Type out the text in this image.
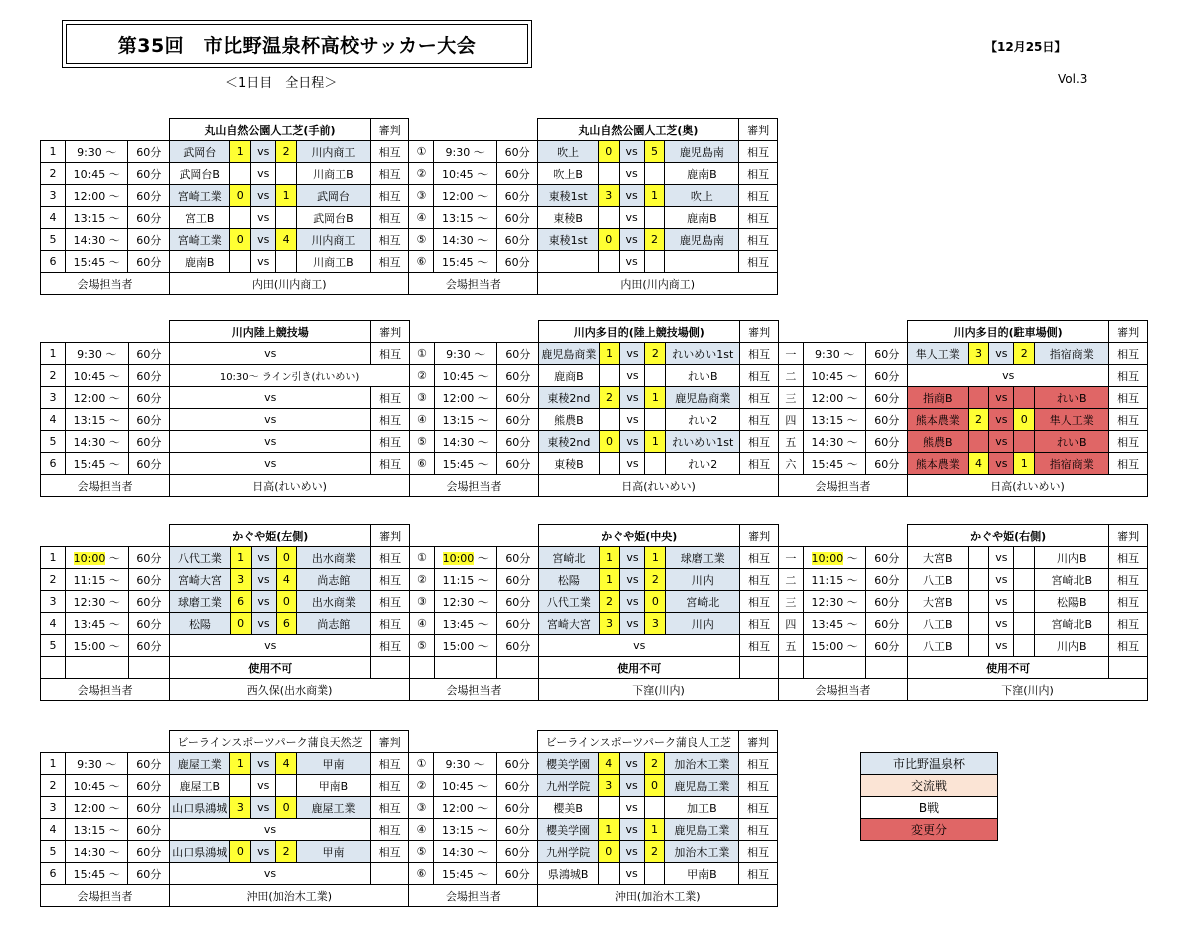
第35回　市比野温泉杯高校サッカー大会
＜1日目　全日程＞
【12月25日】
Vol.3
			丸山自然公園人工芝(手前)					審判				丸山自然公園人工芝(奥)					審判
1	9:30 ～	60分	武岡台	1	vs	2	川内商工	相互	①	9:30 ～	60分	吹上	0	vs	5	鹿児島南	相互
2	10:45 ～	60分	武岡台B		vs		川商工B	相互	②	10:45 ～	60分	吹上B		vs		鹿南B	相互
3	12:00 ～	60分	宮崎工業	0	vs	1	武岡台	相互	③	12:00 ～	60分	東稜1st	3	vs	1	吹上	相互
4	13:15 ～	60分	宮工B		vs		武岡台B	相互	④	13:15 ～	60分	東稜B		vs		鹿南B	相互
5	14:30 ～	60分	宮崎工業	0	vs	4	川内商工	相互	⑤	14:30 ～	60分	東稜1st	0	vs	2	鹿児島南	相互
6	15:45 ～	60分	鹿南B		vs		川商工B	相互	⑥	15:45 ～	60分			vs			相互
会場担当者			内田(川内商工)						会場担当者			内田(川内商工)					
			川内陸上競技場	審判				川内多目的(陸上競技場側)					審判				川内多目的(駐車場側)					審判
1	9:30 ～	60分	vs	相互	①	9:30 ～	60分	鹿児島商業	1	vs	2	れいめい1st	相互	一	9:30 ～	60分	隼人工業	3	vs	2	指宿商業	相互
2	10:45 ～	60分	10:30～ ライン引き(れいめい)		②	10:45 ～	60分	鹿商B		vs		れいB	相互	二	10:45 ～	60分	vs					相互
3	12:00 ～	60分	vs	相互	③	12:00 ～	60分	東稜2nd	2	vs	1	鹿児島商業	相互	三	12:00 ～	60分	指商B		vs		れいB	相互
4	13:15 ～	60分	vs	相互	④	13:15 ～	60分	熊農B		vs		れい2	相互	四	13:15 ～	60分	熊本農業	2	vs	0	隼人工業	相互
5	14:30 ～	60分	vs	相互	⑤	14:30 ～	60分	東稜2nd	0	vs	1	れいめい1st	相互	五	14:30 ～	60分	熊農B		vs		れいB	相互
6	15:45 ～	60分	vs	相互	⑥	15:45 ～	60分	東稜B		vs		れい2	相互	六	15:45 ～	60分	熊本農業	4	vs	1	指宿商業	相互
会場担当者			日高(れいめい)		会場担当者			日高(れいめい)						会場担当者			日高(れいめい)					
			かぐや姫(左側)					審判				かぐや姫(中央)					審判				かぐや姫(右側)					審判
1	10:00 ～	60分	八代工業	1	vs	0	出水商業	相互	①	10:00 ～	60分	宮崎北	1	vs	1	球磨工業	相互	一	10:00 ～	60分	大宮B		vs		川内B	相互
2	11:15 ～	60分	宮崎大宮	3	vs	4	尚志館	相互	②	11:15 ～	60分	松陽	1	vs	2	川内	相互	二	11:15 ～	60分	八工B		vs		宮崎北B	相互
3	12:30 ～	60分	球磨工業	6	vs	0	出水商業	相互	③	12:30 ～	60分	八代工業	2	vs	0	宮崎北	相互	三	12:30 ～	60分	大宮B		vs		松陽B	相互
4	13:45 ～	60分	松陽	0	vs	6	尚志館	相互	④	13:45 ～	60分	宮崎大宮	3	vs	3	川内	相互	四	13:45 ～	60分	八工B		vs		宮崎北B	相互
5	15:00 ～	60分	vs					相互	⑤	15:00 ～	60分	vs					相互	五	15:00 ～	60分	八工B		vs		川内B	相互
			使用不可									使用不可									使用不可					
会場担当者			西久保(出水商業)						会場担当者			下窪(川内)						会場担当者			下窪(川内)					
			ビーラインスポーツパーク蒲良天然芝					審判				ビーラインスポーツパーク蒲良人工芝					審判
1	9:30 ～	60分	鹿屋工業	1	vs	4	甲南	相互	①	9:30 ～	60分	櫻美学園	4	vs	2	加治木工業	相互
2	10:45 ～	60分	鹿屋工B		vs		甲南B	相互	②	10:45 ～	60分	九州学院	3	vs	0	鹿児島工業	相互
3	12:00 ～	60分	山口県鴻城	3	vs	0	鹿屋工業	相互	③	12:00 ～	60分	櫻美B		vs		加工B	相互
4	13:15 ～	60分	vs					相互	④	13:15 ～	60分	櫻美学園	1	vs	1	鹿児島工業	相互
5	14:30 ～	60分	山口県鴻城	0	vs	2	甲南	相互	⑤	14:30 ～	60分	九州学院	0	vs	2	加治木工業	相互
6	15:45 ～	60分	vs						⑥	15:45 ～	60分	県鴻城B		vs		甲南B	相互
会場担当者			沖田(加治木工業)						会場担当者			沖田(加治木工業)					
市比野温泉杯
交流戦
B戦
変更分
